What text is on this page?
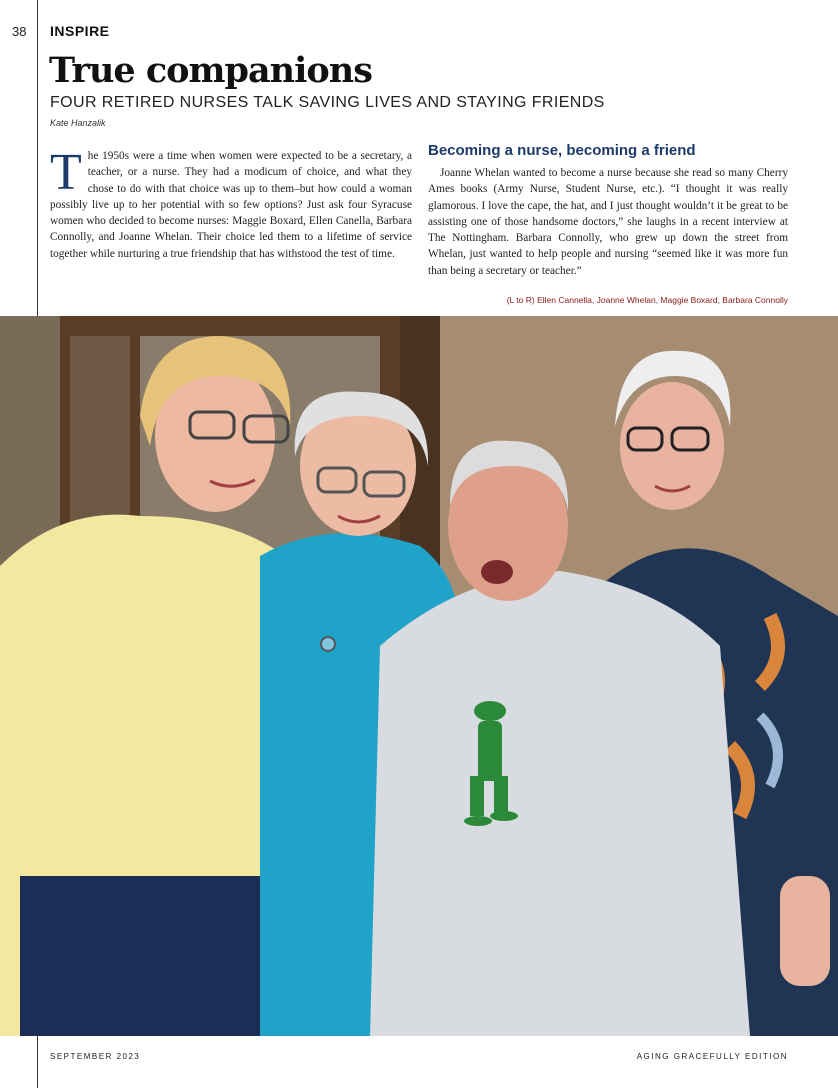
38 INSPIRE
True companions
FOUR RETIRED NURSES TALK SAVING LIVES AND STAYING FRIENDS
Kate Hanzalik

The 1950s were a time when women were expected to be a secretary, a teacher, or a nurse. They had a modicum of choice, and what they chose to do with that choice was up to them–but how could a woman possibly live up to her potential with so few options? Just ask four Syracuse women who decided to become nurses: Maggie Boxard, Ellen Canella, Barbara Connolly, and Joanne Whelan. Their choice led them to a lifetime of service together while nurturing a true friendship that has withstood the test of time.

Becoming a nurse, becoming a friend

Joanne Whelan wanted to become a nurse because she read so many Cherry Ames books (Army Nurse, Student Nurse, etc.). “I thought it was really glamorous. I love the cape, the hat, and I just thought wouldn’t it be great to be assisting one of those handsome doctors,” she laughs in a recent interview at The Nottingham. Barbara Connolly, who grew up down the street from Whelan, just wanted to help people and nursing “seemed like it was more fun than being a secretary or teacher.”

(L to R) Ellen Cannella, Joanne Whelan, Maggie Boxard, Barbara Connolly
SEPTEMBER 2023	AGING GRACEFULLY EDITION
